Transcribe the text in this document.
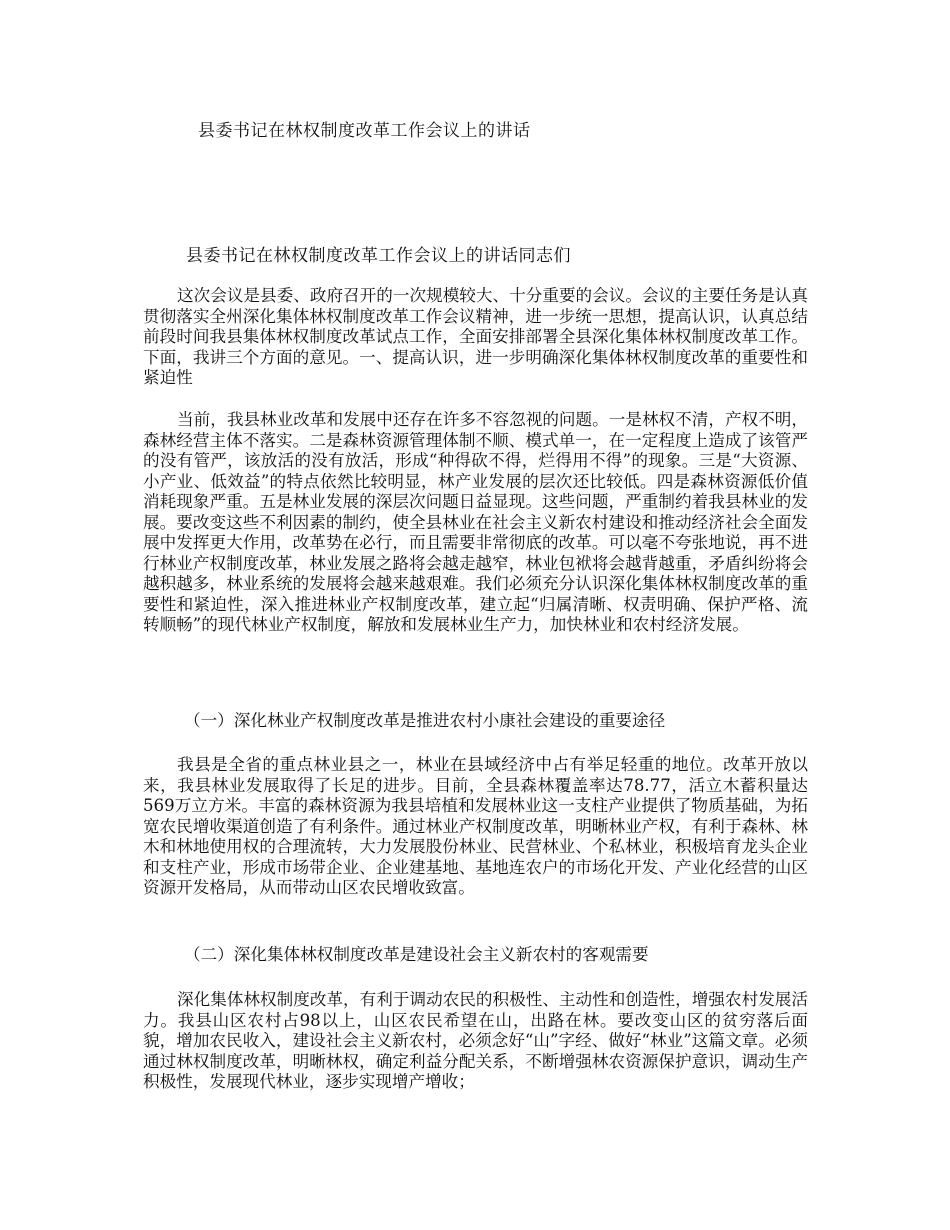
县委书记在林权制度改革工作会议上的讲话
县委书记在林权制度改革工作会议上的讲话同志们

这次会议是县委、政府召开的一次规模较大、十分重要的会议。会议的主要任务是认真贯彻落实全州深化集体林权制度改革工作会议精神，进一步统一思想，提高认识，认真总结前段时间我县集体林权制度改革试点工作，全面安排部署全县深化集体林权制度改革工作。下面，我讲三个方面的意见。一、提高认识，进一步明确深化集体林权制度改革的重要性和紧迫性

当前，我县林业改革和发展中还存在许多不容忽视的问题。一是林权不清，产权不明，森林经营主体不落实。二是森林资源管理体制不顺、模式单一，在一定程度上造成了该管严的没有管严，该放活的没有放活，形成“种得砍不得，烂得用不得”的现象。三是“大资源、小产业、低效益”的特点依然比较明显，林产业发展的层次还比较低。四是森林资源低价值消耗现象严重。五是林业发展的深层次问题日益显现。这些问题，严重制约着我县林业的发展。要改变这些不利因素的制约，使全县林业在社会主义新农村建设和推动经济社会全面发展中发挥更大作用，改革势在必行，而且需要非常彻底的改革。可以毫不夸张地说，再不进行林业产权制度改革，林业发展之路将会越走越窄，林业包袱将会越背越重，矛盾纠纷将会越积越多，林业系统的发展将会越来越艰难。我们必须充分认识深化集体林权制度改革的重要性和紧迫性，深入推进林业产权制度改革，建立起“归属清晰、权责明确、保护严格、流转顺畅”的现代林业产权制度，解放和发展林业生产力，加快林业和农村经济发展。

（一）深化林业产权制度改革是推进农村小康社会建设的重要途径

我县是全省的重点林业县之一，林业在县域经济中占有举足轻重的地位。改革开放以来，我县林业发展取得了长足的进步。目前，全县森林覆盖率达78.77，活立木蓄积量达569万立方米。丰富的森林资源为我县培植和发展林业这一支柱产业提供了物质基础，为拓宽农民增收渠道创造了有利条件。通过林业产权制度改革，明晰林业产权，有利于森林、林木和林地使用权的合理流转，大力发展股份林业、民营林业、个私林业，积极培育龙头企业和支柱产业，形成市场带企业、企业建基地、基地连农户的市场化开发、产业化经营的山区资源开发格局，从而带动山区农民增收致富。

（二）深化集体林权制度改革是建设社会主义新农村的客观需要

深化集体林权制度改革，有利于调动农民的积极性、主动性和创造性，增强农村发展活力。我县山区农村占98以上，山区农民希望在山，出路在林。要改变山区的贫穷落后面貌，增加农民收入，建设社会主义新农村，必须念好“山”字经、做好“林业”这篇文章。必须通过林权制度改革，明晰林权，确定利益分配关系，不断增强林农资源保护意识，调动生产积极性，发展现代林业，逐步实现增产增收；
